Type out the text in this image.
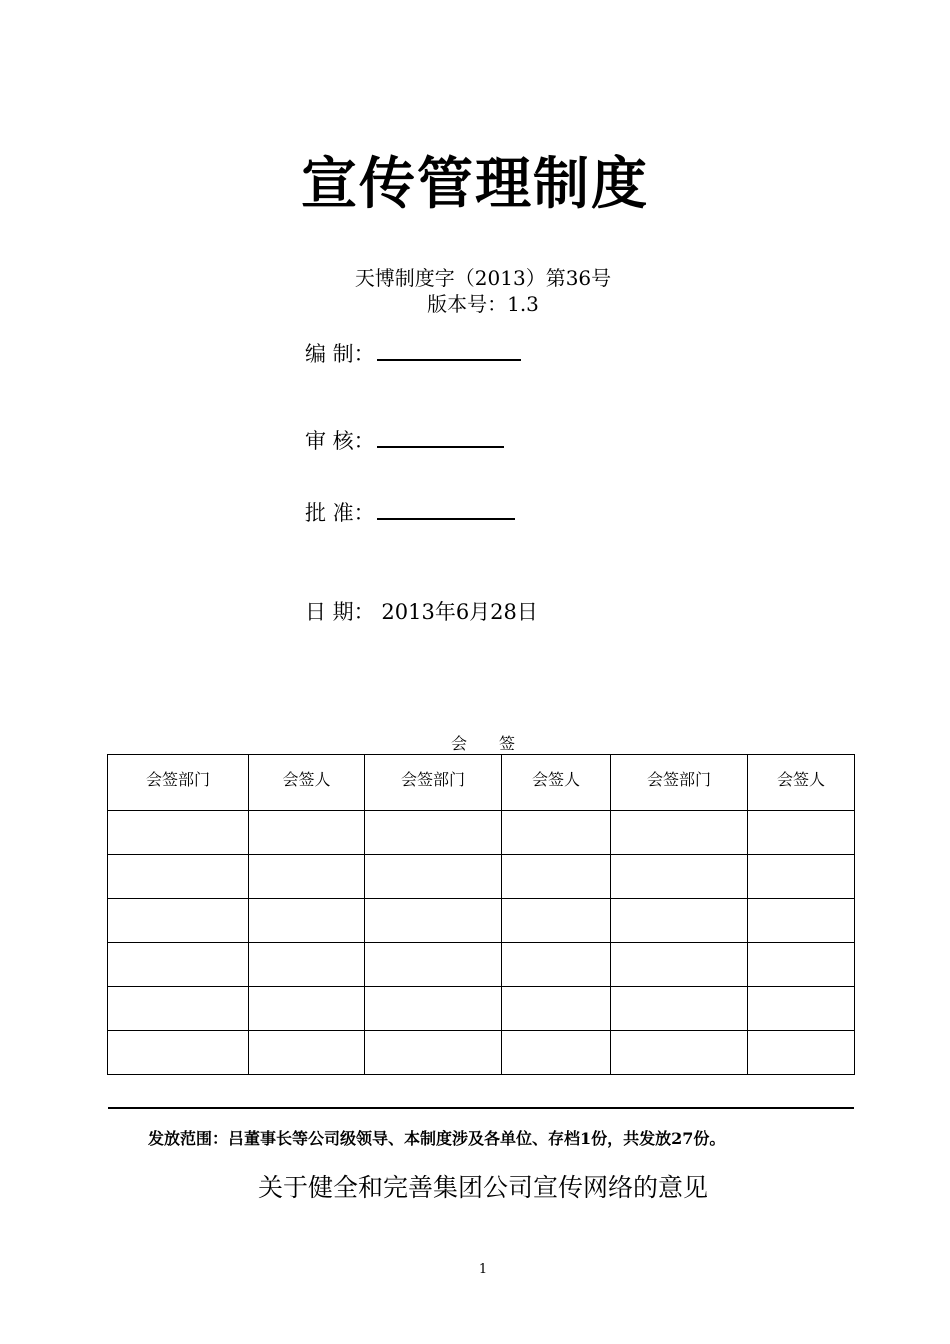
宣传管理制度
天博制度字（2013）第36号
版本号：1.3
编 制：
审 核：
批 准：
日 期： 2013年6月28日
会 签
会签部门	会签人	会签部门	会签人	会签部门	会签人

发放范围：吕董事长等公司级领导、本制度涉及各单位、存档1份，共发放27份。
关于健全和完善集团公司宣传网络的意见
1
